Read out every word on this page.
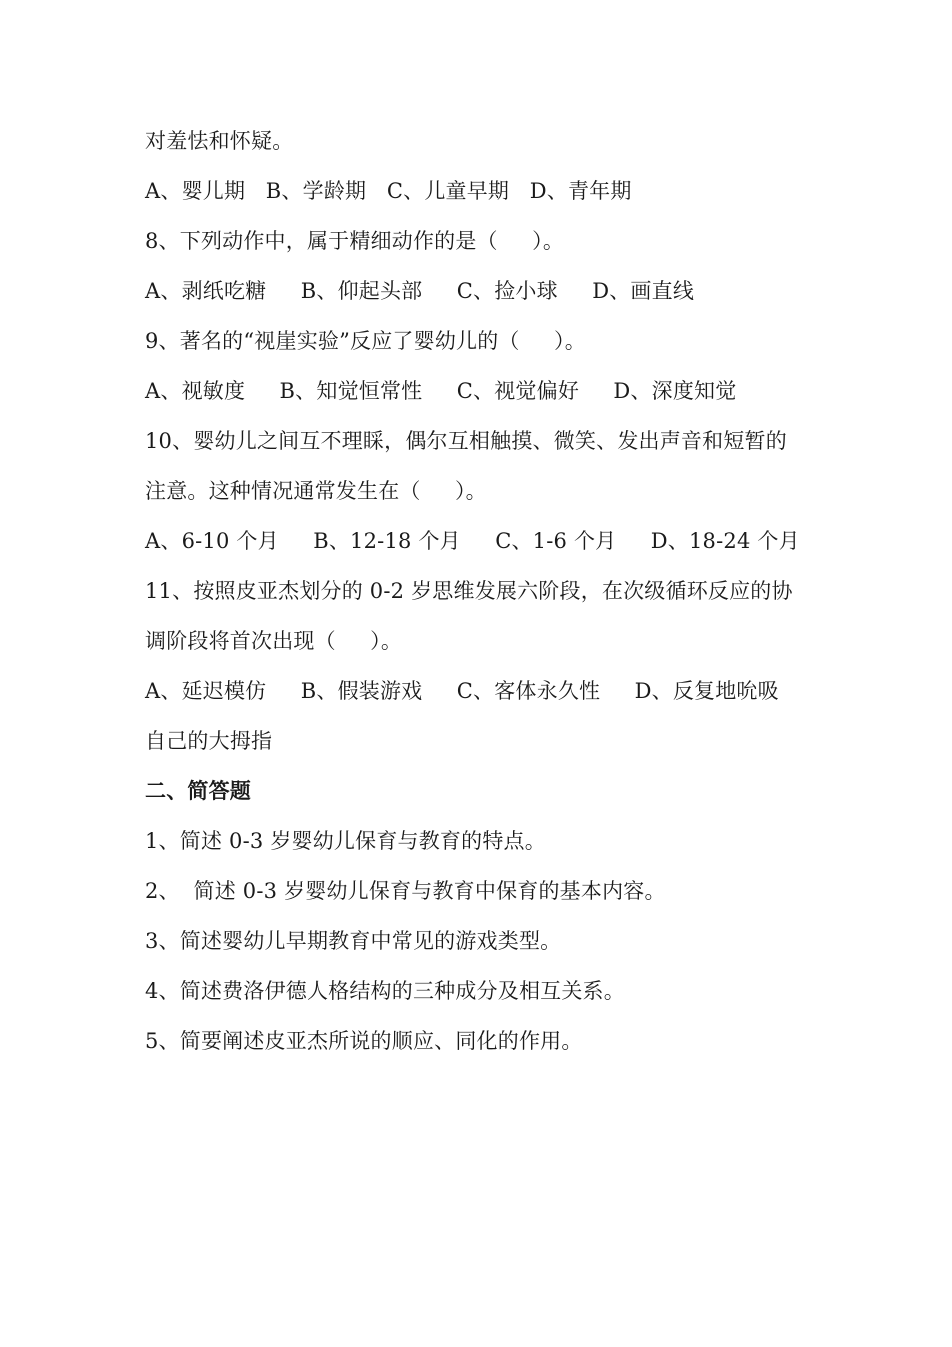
对羞怯和怀疑。
A、婴儿期   B、学龄期   C、儿童早期   D、青年期
8、下列动作中，属于精细动作的是（     ）。
A、剥纸吃糖     B、仰起头部     C、捡小球     D、画直线
9、著名的“视崖实验”反应了婴幼儿的（     ）。
A、视敏度     B、知觉恒常性     C、视觉偏好     D、深度知觉
10、婴幼儿之间互不理睬，偶尔互相触摸、微笑、发出声音和短暂的
注意。这种情况通常发生在（     ）。
A、6-10 个月     B、12-18 个月     C、1-6 个月     D、18-24 个月
11、按照皮亚杰划分的 0-2 岁思维发展六阶段，在次级循环反应的协
调阶段将首次出现（     ）。
A、延迟模仿     B、假装游戏     C、客体永久性     D、反复地吮吸
自己的大拇指
二、简答题
1、简述 0-3 岁婴幼儿保育与教育的特点。
2、  简述 0-3 岁婴幼儿保育与教育中保育的基本内容。
3、简述婴幼儿早期教育中常见的游戏类型。
4、简述费洛伊德人格结构的三种成分及相互关系。
5、简要阐述皮亚杰所说的顺应、同化的作用。
